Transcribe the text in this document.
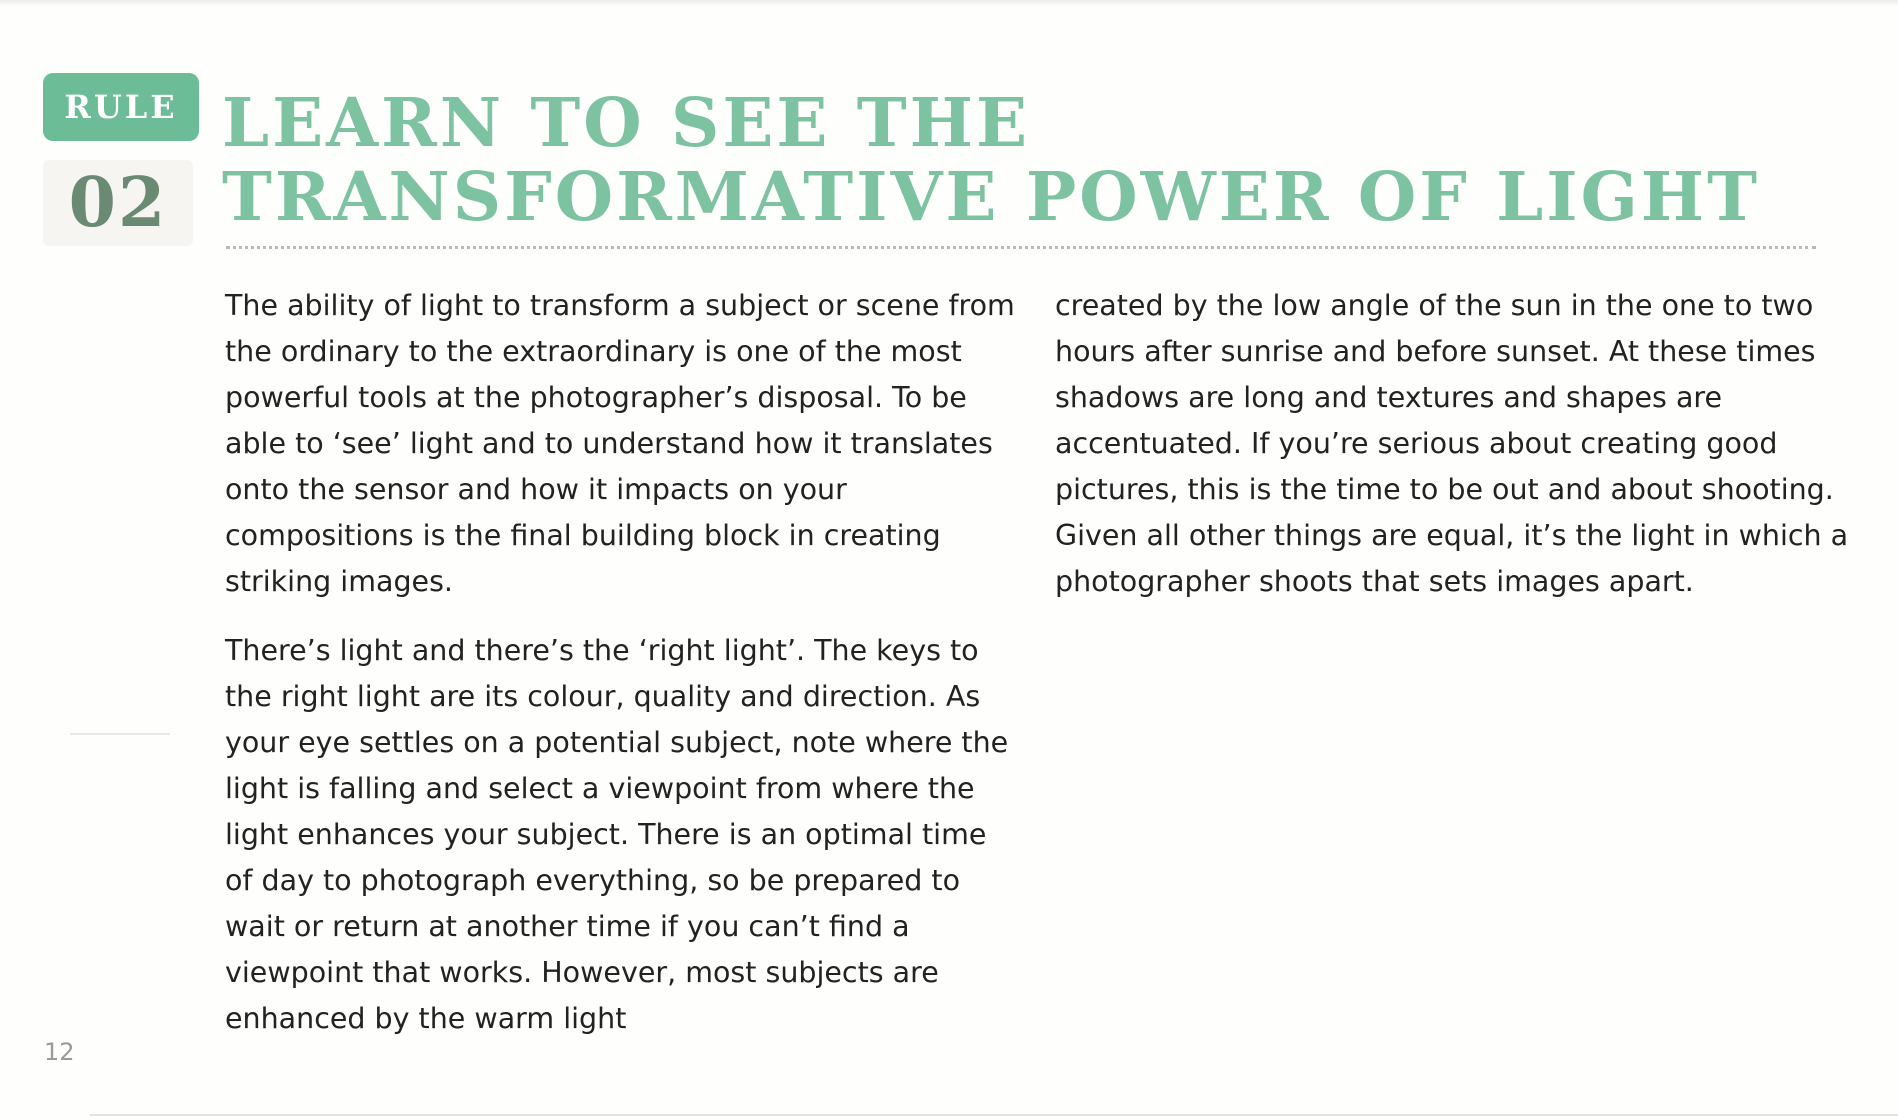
RULE
02
LEARN TO SEE THE
TRANSFORMATIVE POWER OF LIGHT

The ability of light to transform a subject or scene from the ordinary to the extraordinary is one of the most powerful tools at the photographer’s disposal. To be able to ‘see’ light and to understand how it translates onto the sensor and how it impacts on your compositions is the final building block in creating striking images.

There’s light and there’s the ‘right light’. The keys to the right light are its colour, quality and direction. As your eye settles on a potential subject, note where the light is falling and select a viewpoint from where the light enhances your subject. There is an optimal time of day to photograph everything, so be prepared to wait or return at another time if you can’t find a viewpoint that works. However, most subjects are enhanced by the warm light

created by the low angle of the sun in the one to two hours after sunrise and before sunset. At these times shadows are long and textures and shapes are accentuated. If you’re serious about creating good pictures, this is the time to be out and about shooting. Given all other things are equal, it’s the light in which a photographer shoots that sets images apart.

12
